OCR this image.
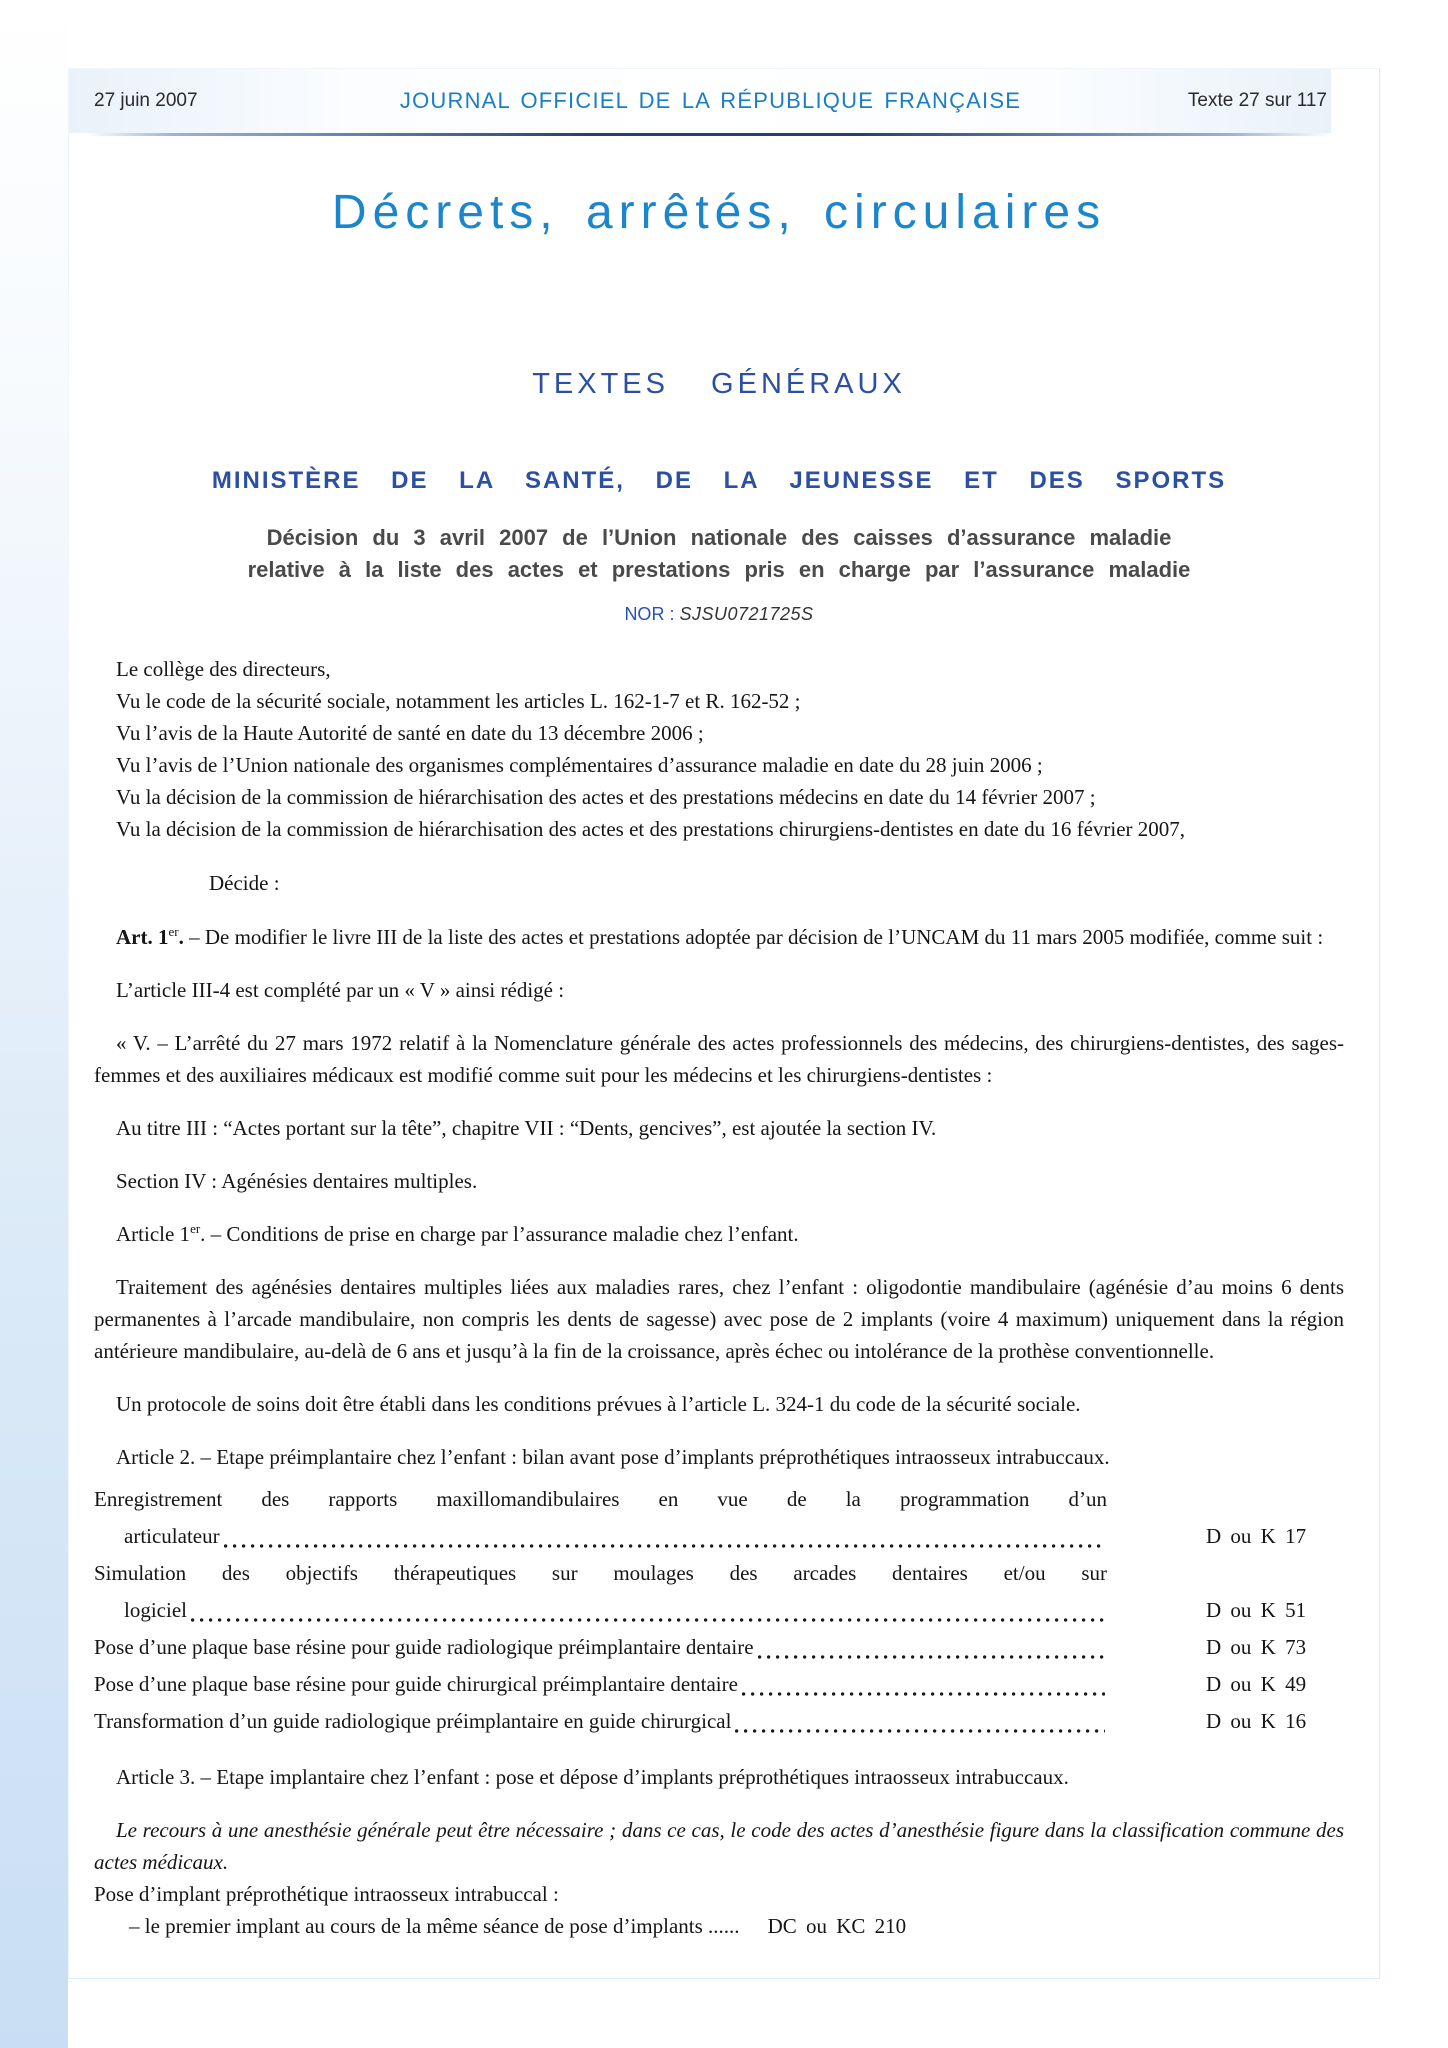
27 juin 2007	JOURNAL OFFICIEL DE LA RÉPUBLIQUE FRANÇAISE	Texte 27 sur 117
Décrets, arrêtés, circulaires
TEXTES GÉNÉRAUX
MINISTÈRE DE LA SANTÉ, DE LA JEUNESSE ET DES SPORTS
Décision du 3 avril 2007 de l’Union nationale des caisses d’assurance maladie
relative à la liste des actes et prestations pris en charge par l’assurance maladie
NOR : SJSU0721725S

Le collège des directeurs,

Vu le code de la sécurité sociale, notamment les articles L. 162-1-7 et R. 162-52 ;

Vu l’avis de la Haute Autorité de santé en date du 13 décembre 2006 ;

Vu l’avis de l’Union nationale des organismes complémentaires d’assurance maladie en date du 28 juin 2006 ;

Vu la décision de la commission de hiérarchisation des actes et des prestations médecins en date du 14 février 2007 ;

Vu la décision de la commission de hiérarchisation des actes et des prestations chirurgiens-dentistes en date du 16 février 2007,

Décide :

Art. 1er. – De modifier le livre III de la liste des actes et prestations adoptée par décision de l’UNCAM du 11 mars 2005 modifiée, comme suit :

L’article III-4 est complété par un « V » ainsi rédigé :

« V. – L’arrêté du 27 mars 1972 relatif à la Nomenclature générale des actes professionnels des médecins, des chirurgiens-dentistes, des sages-femmes et des auxiliaires médicaux est modifié comme suit pour les médecins et les chirurgiens-dentistes :

Au titre III : “Actes portant sur la tête”, chapitre VII : “Dents, gencives”, est ajoutée la section IV.

Section IV : Agénésies dentaires multiples.

Article 1er. – Conditions de prise en charge par l’assurance maladie chez l’enfant.

Traitement des agénésies dentaires multiples liées aux maladies rares, chez l’enfant : oligodontie mandibulaire (agénésie d’au moins 6 dents permanentes à l’arcade mandibulaire, non compris les dents de sagesse) avec pose de 2 implants (voire 4 maximum) uniquement dans la région antérieure mandibulaire, au-delà de 6 ans et jusqu’à la fin de la croissance, après échec ou intolérance de la prothèse conventionnelle.

Un protocole de soins doit être établi dans les conditions prévues à l’article L. 324-1 du code de la sécurité sociale.

Article 2. – Etape préimplantaire chez l’enfant : bilan avant pose d’implants préprothétiques intraosseux intrabuccaux.

Enregistrement des rapports maxillomandibulaires en vue de la programmation d’un
articulateur	D ou K 17
Simulation des objectifs thérapeutiques sur moulages des arcades dentaires et/ou sur
logiciel	D ou K 51
Pose d’une plaque base résine pour guide radiologique préimplantaire dentaire	D ou K 73
Pose d’une plaque base résine pour guide chirurgical préimplantaire dentaire	D ou K 49
Transformation d’un guide radiologique préimplantaire en guide chirurgical	D ou K 16

Article 3. – Etape implantaire chez l’enfant : pose et dépose d’implants préprothétiques intraosseux intrabuccaux.

Le recours à une anesthésie générale peut être nécessaire ; dans ce cas, le code des actes d’anesthésie figure dans la classification commune des actes médicaux.

Pose d’implant préprothétique intraosseux intrabuccal :

– le premier implant au cours de la même séance de pose d’implants ...... DC ou KC 210
